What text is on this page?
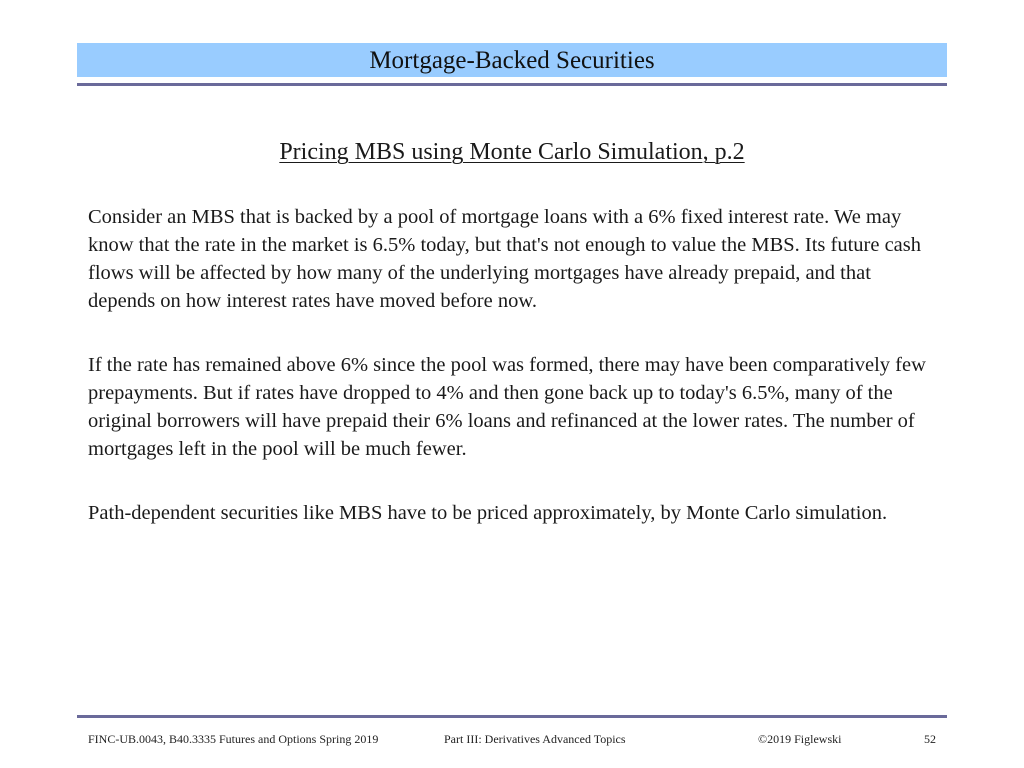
Mortgage-Backed Securities
Pricing MBS using Monte Carlo Simulation, p.2

Consider an MBS that is backed by a pool of mortgage loans with a 6% fixed interest rate. We may know that the rate in the market is 6.5% today, but that's not enough to value the MBS. Its future cash flows will be affected by how many of the underlying mortgages have already prepaid, and that depends on how interest rates have moved before now.

If the rate has remained above 6% since the pool was formed, there may have been comparatively few prepayments. But if rates have dropped to 4% and then gone back up to today's 6.5%, many of the original borrowers will have prepaid their 6% loans and refinanced at the lower rates. The number of mortgages left in the pool will be much fewer.

Path-dependent securities like MBS have to be priced approximately, by Monte Carlo simulation.

FINC-UB.0043, B40.3335 Futures and Options Spring 2019	Part III: Derivatives Advanced Topics	©2019 Figlewski	52
